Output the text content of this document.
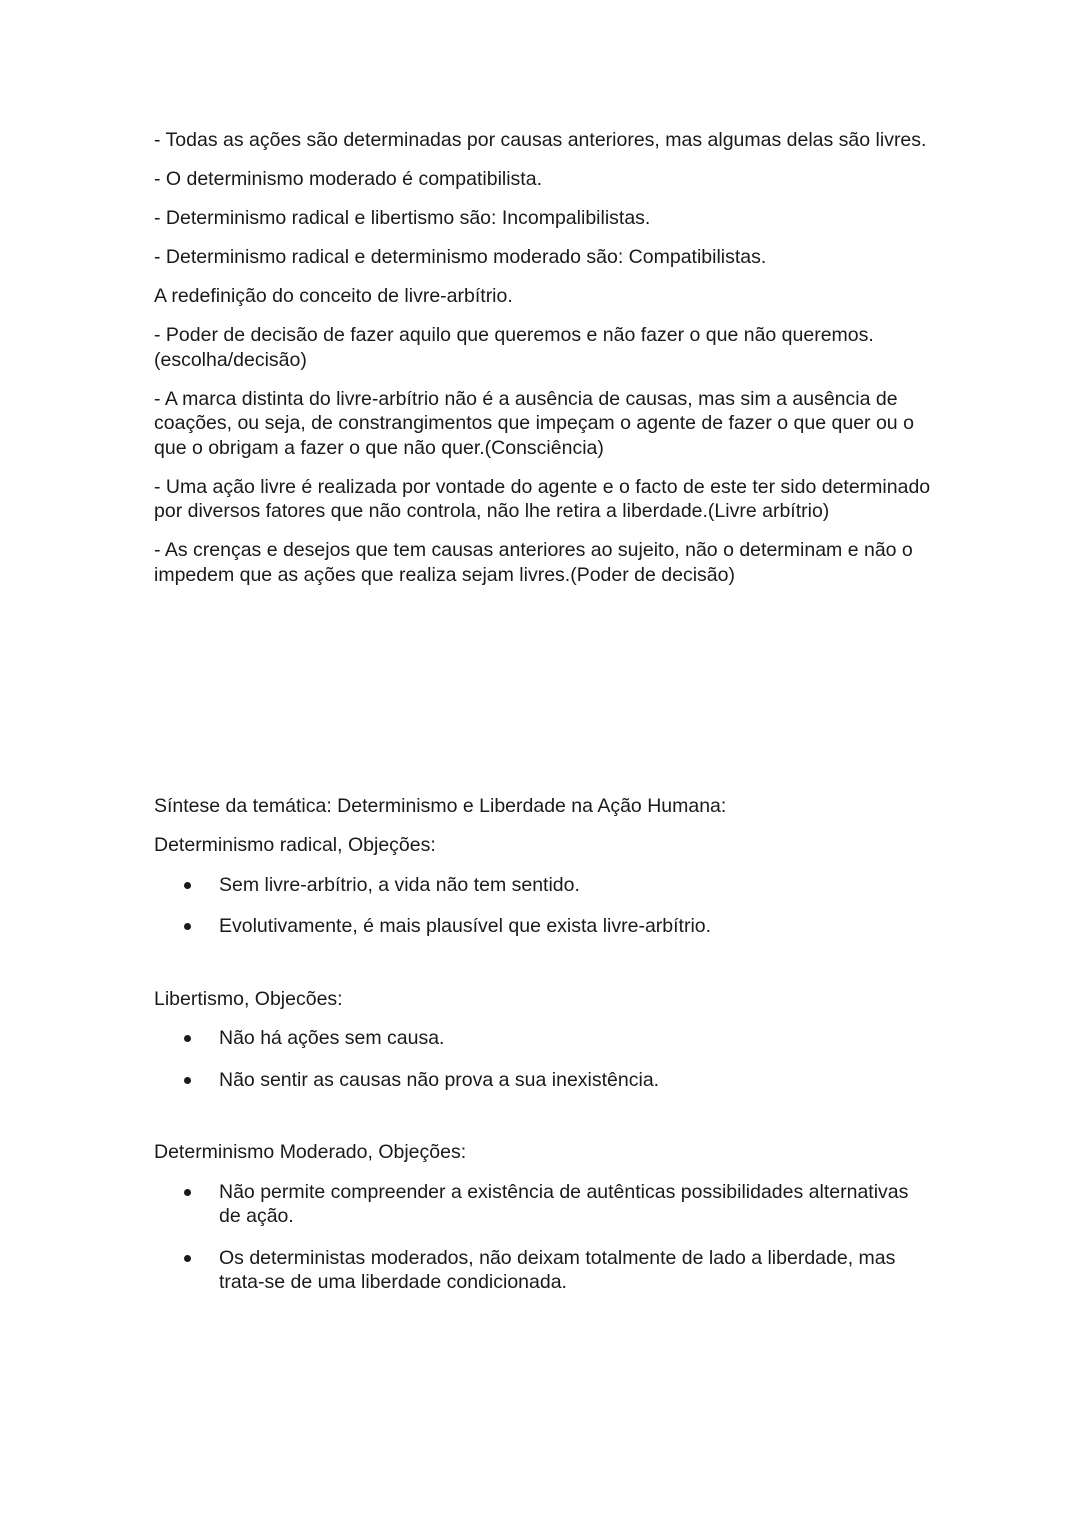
- Todas as ações são determinadas por causas anteriores, mas algumas delas são livres.

- O determinismo moderado é compatibilista.

- Determinismo radical e libertismo são: Incompalibilistas.

- Determinismo radical e determinismo moderado são: Compatibilistas.

A redefinição do conceito de livre-arbítrio.

- Poder de decisão de fazer aquilo que queremos e não fazer o que não queremos.(escolha/decisão)

- A marca distinta do livre-arbítrio não é a ausência de causas, mas sim a ausência de coações, ou seja, de constrangimentos que impeçam o agente de fazer o que quer ou o que o obrigam a fazer o que não quer.(Consciência)

- Uma ação livre é realizada por vontade do agente e o facto de este ter sido determinado por diversos fatores que não controla, não lhe retira a liberdade.(Livre arbítrio)

- As crenças e desejos que tem causas anteriores ao sujeito, não o determinam e não o impedem que as ações que realiza sejam livres.(Poder de decisão)

Síntese da temática: Determinismo e Liberdade na Ação Humana:

Determinismo radical, Objeções:

Sem livre-arbítrio, a vida não tem sentido.
Evolutivamente, é mais plausível que exista livre-arbítrio.

Libertismo, Objecões:

Não há ações sem causa.
Não sentir as causas não prova a sua inexistência.

Determinismo Moderado, Objeções:

Não permite compreender a existência de autênticas possibilidades alternativas de ação.
Os deterministas moderados, não deixam totalmente de lado a liberdade, mas trata-se de uma liberdade condicionada.
